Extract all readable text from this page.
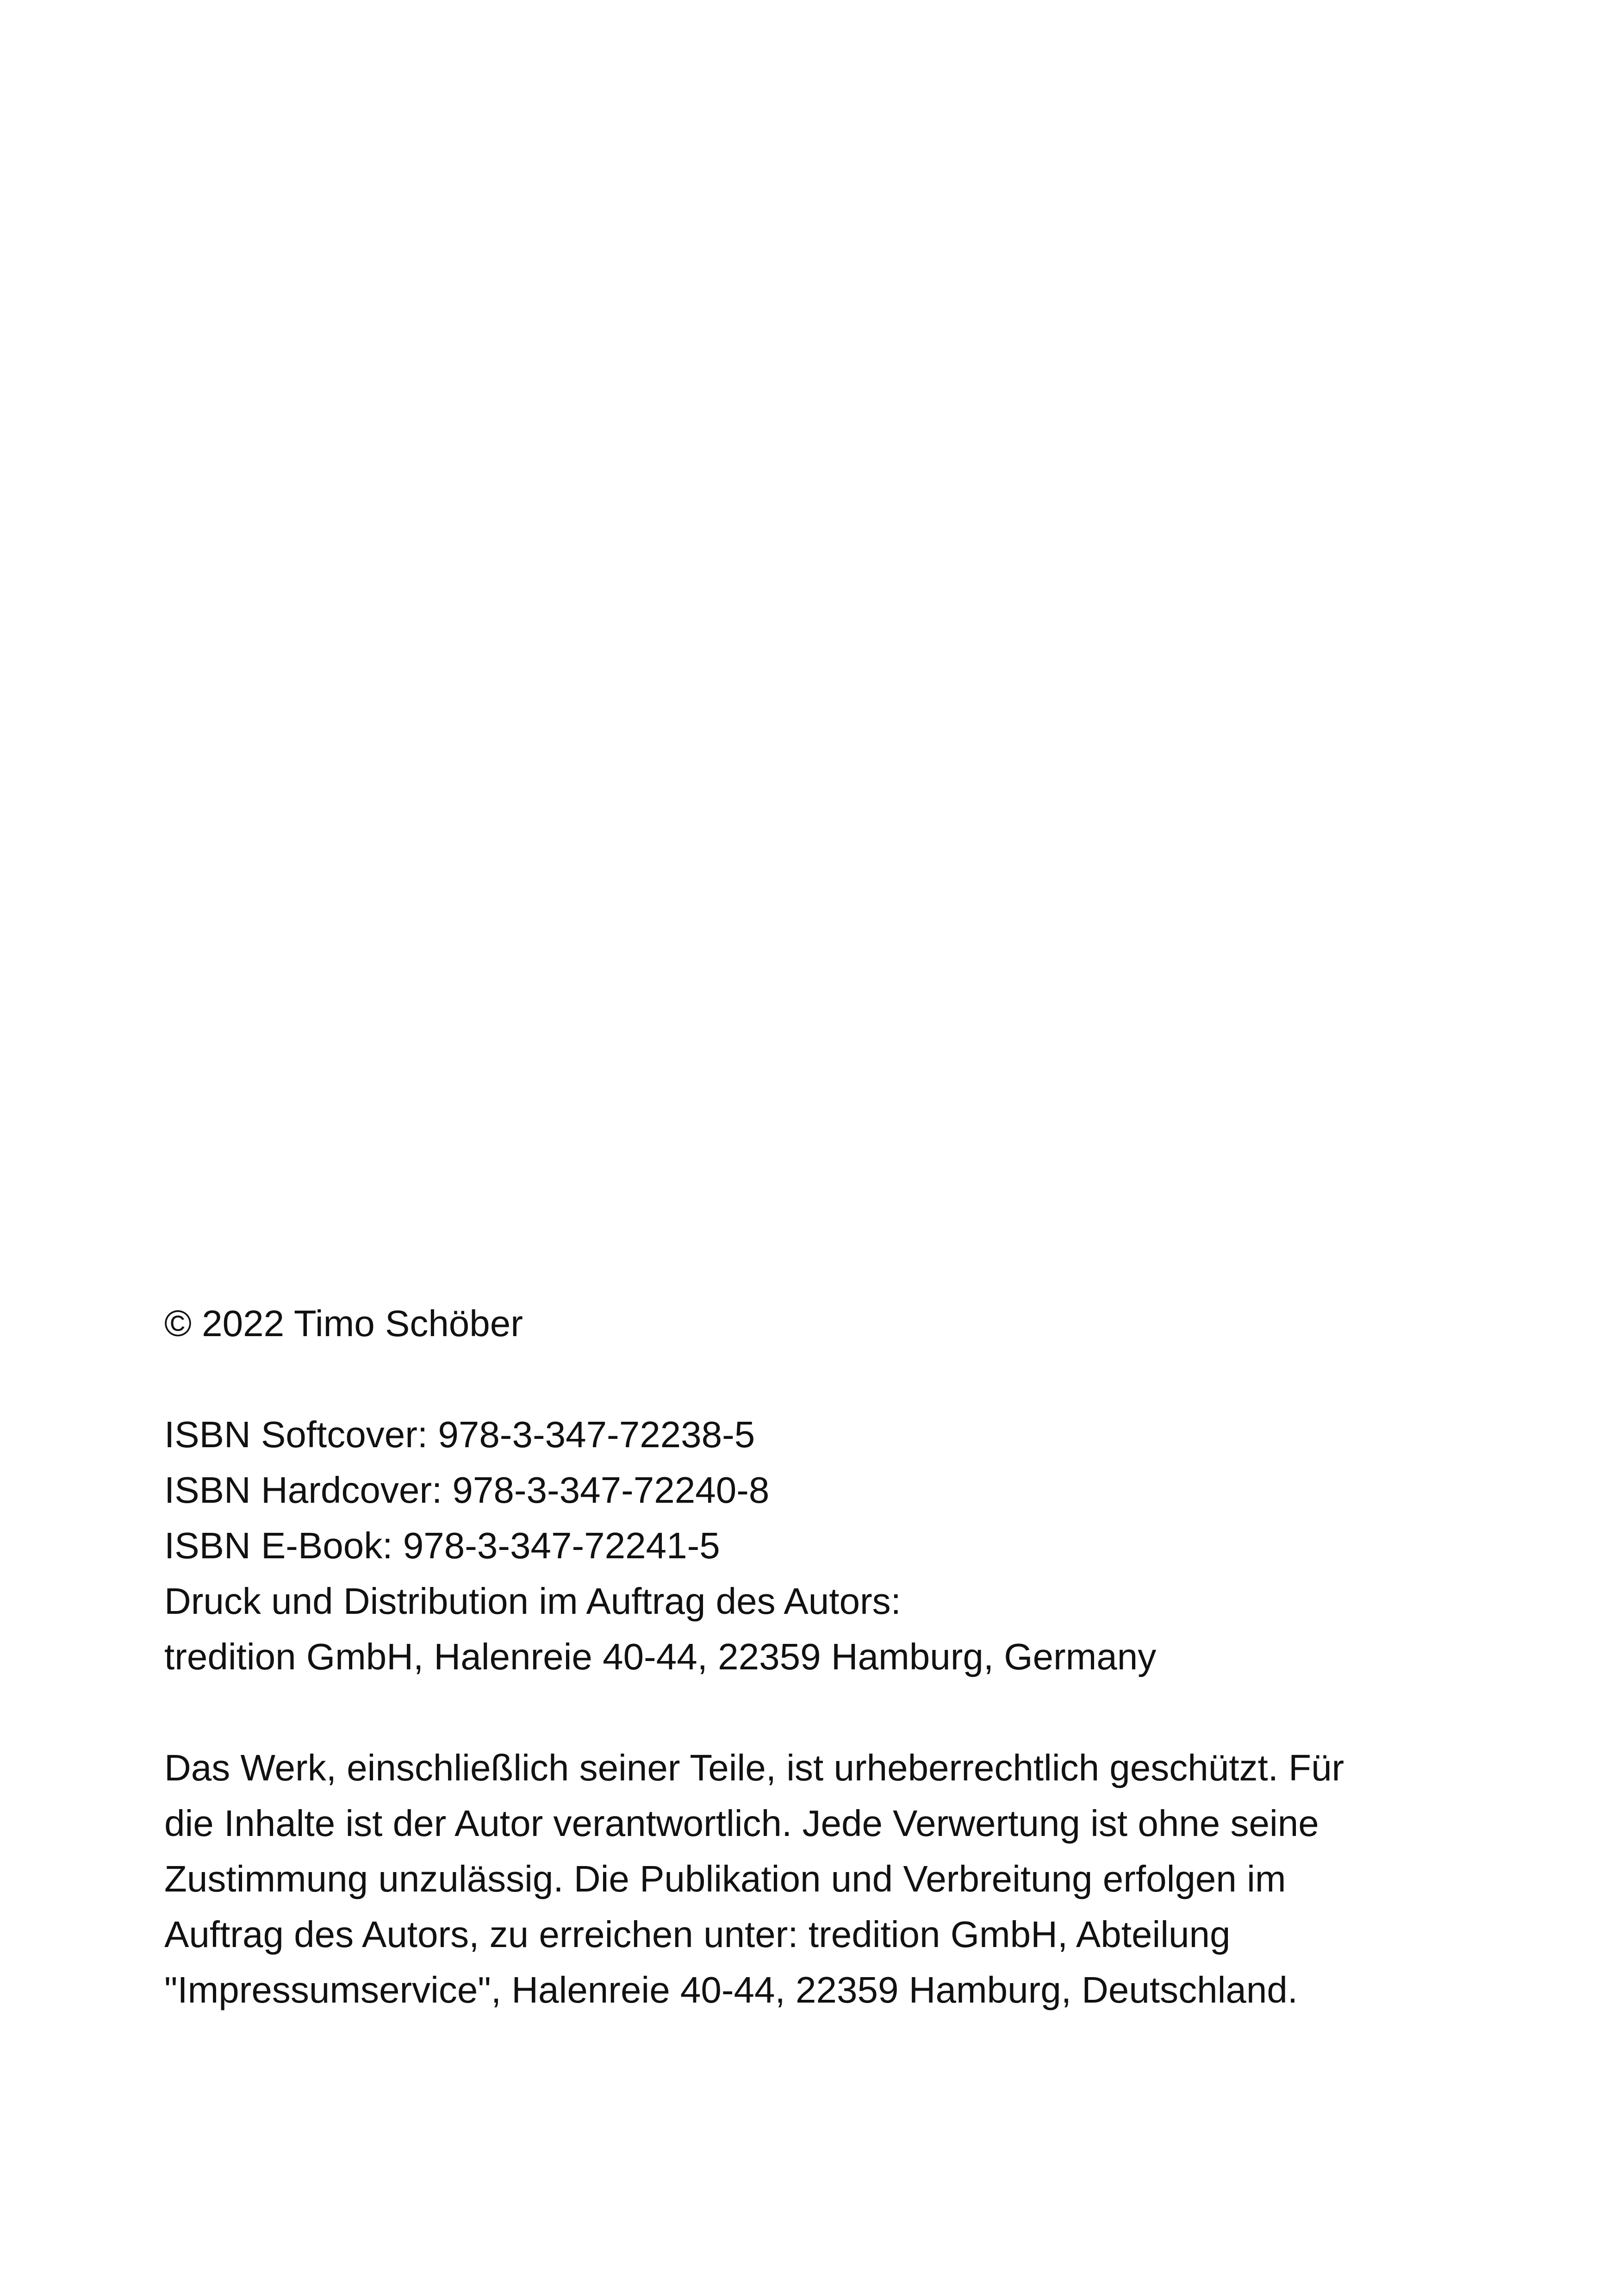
© 2022 Timo Schöber
ISBN Softcover: 978-3-347-72238-5
ISBN Hardcover: 978-3-347-72240-8
ISBN E-Book: 978-3-347-72241-5
Druck und Distribution im Auftrag des Autors:
tredition GmbH, Halenreie 40-44, 22359 Hamburg, Germany
Das Werk, einschließlich seiner Teile, ist urheberrechtlich geschützt. Für
die Inhalte ist der Autor verantwortlich. Jede Verwertung ist ohne seine
Zustimmung unzulässig. Die Publikation und Verbreitung erfolgen im
Auftrag des Autors, zu erreichen unter: tredition GmbH, Abteilung
"Impressumservice", Halenreie 40-44, 22359 Hamburg, Deutschland.
